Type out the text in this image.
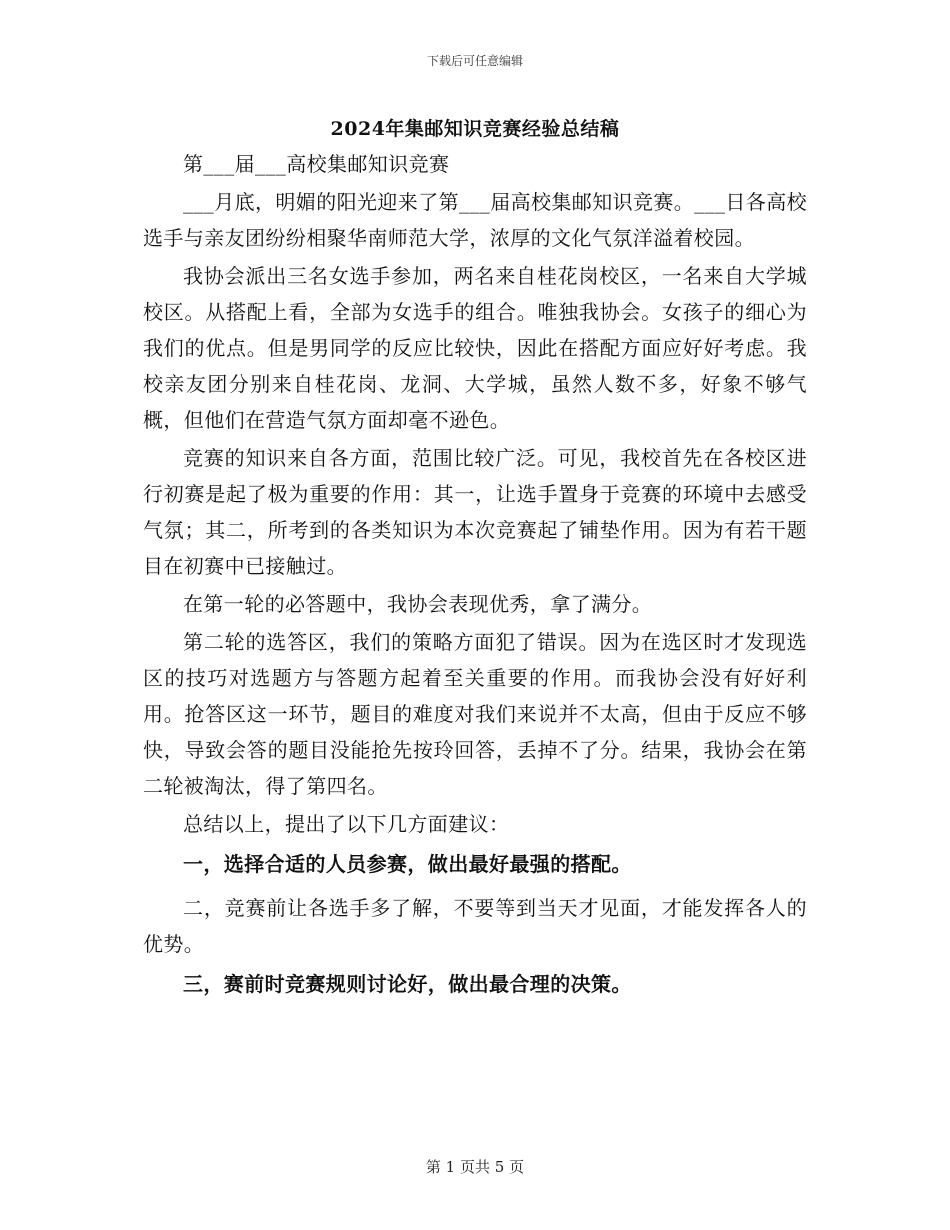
下载后可任意编辑
2024年集邮知识竞赛经验总结稿

第___届___高校集邮知识竞赛

___月底，明媚的阳光迎来了第___届高校集邮知识竞赛。___日各高校选手与亲友团纷纷相聚华南师范大学，浓厚的文化气氛洋溢着校园。

我协会派出三名女选手参加，两名来自桂花岗校区，一名来自大学城校区。从搭配上看，全部为女选手的组合。唯独我协会。女孩子的细心为我们的优点。但是男同学的反应比较快，因此在搭配方面应好好考虑。我校亲友团分别来自桂花岗、龙洞、大学城，虽然人数不多，好象不够气概，但他们在营造气氛方面却毫不逊色。

竞赛的知识来自各方面，范围比较广泛。可见，我校首先在各校区进行初赛是起了极为重要的作用：其一，让选手置身于竞赛的环境中去感受气氛；其二，所考到的各类知识为本次竞赛起了铺垫作用。因为有若干题目在初赛中已接触过。

在第一轮的必答题中，我协会表现优秀，拿了满分。

第二轮的选答区，我们的策略方面犯了错误。因为在选区时才发现选区的技巧对选题方与答题方起着至关重要的作用。而我协会没有好好利用。抢答区这一环节，题目的难度对我们来说并不太高，但由于反应不够快，导致会答的题目没能抢先按玲回答，丢掉不了分。结果，我协会在第二轮被淘汰，得了第四名。

总结以上，提出了以下几方面建议：

一，选择合适的人员参赛，做出最好最强的搭配。

二，竞赛前让各选手多了解，不要等到当天才见面，才能发挥各人的优势。

三，赛前时竞赛规则讨论好，做出最合理的决策。

第 1 页共 5 页
